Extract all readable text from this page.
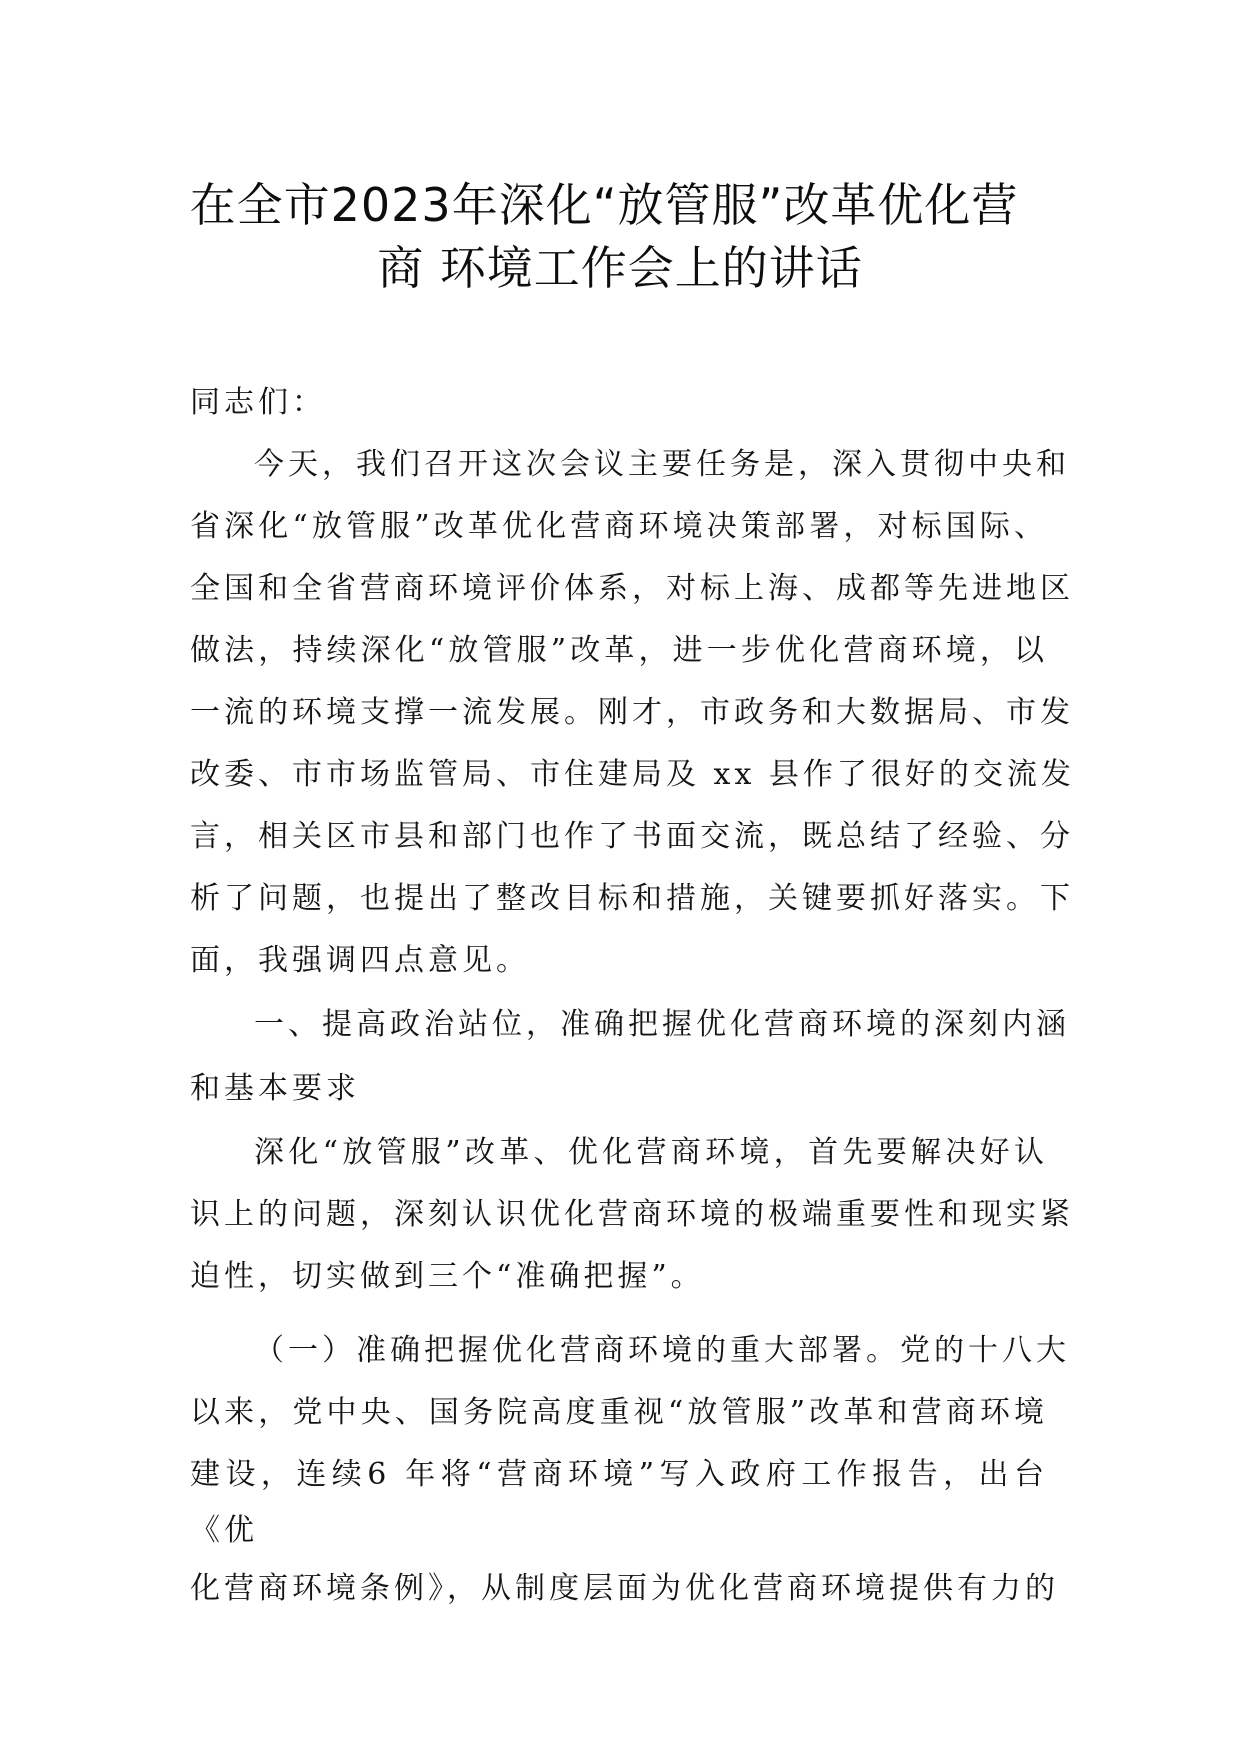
在全市2023年深化“放管服”改革优化营
商 环境工作会上的讲话
同志们：
今天，我们召开这次会议主要任务是，深入贯彻中央和
省深化“放管服”改革优化营商环境决策部署，对标国际、
全国和全省营商环境评价体系，对标上海、成都等先进地区
做法，持续深化“放管服”改革，进一步优化营商环境，以
一流的环境支撑一流发展。刚才，市政务和大数据局、市发
改委、市市场监管局、市住建局及 xx 县作了很好的交流发
言，相关区市县和部门也作了书面交流，既总结了经验、分
析了问题，也提出了整改目标和措施，关键要抓好落实。下
面，我强调四点意见。
一、提高政治站位，准确把握优化营商环境的深刻内涵
和基本要求
深化“放管服”改革、优化营商环境，首先要解决好认
识上的问题，深刻认识优化营商环境的极端重要性和现实紧
迫性，切实做到三个“准确把握”。
（一）准确把握优化营商环境的重大部署。党的十八大
以来，党中央、国务院高度重视“放管服”改革和营商环境
建设，连续6 年将“营商环境”写入政府工作报告，出台
《优
化营商环境条例》，从制度层面为优化营商环境提供有力的
